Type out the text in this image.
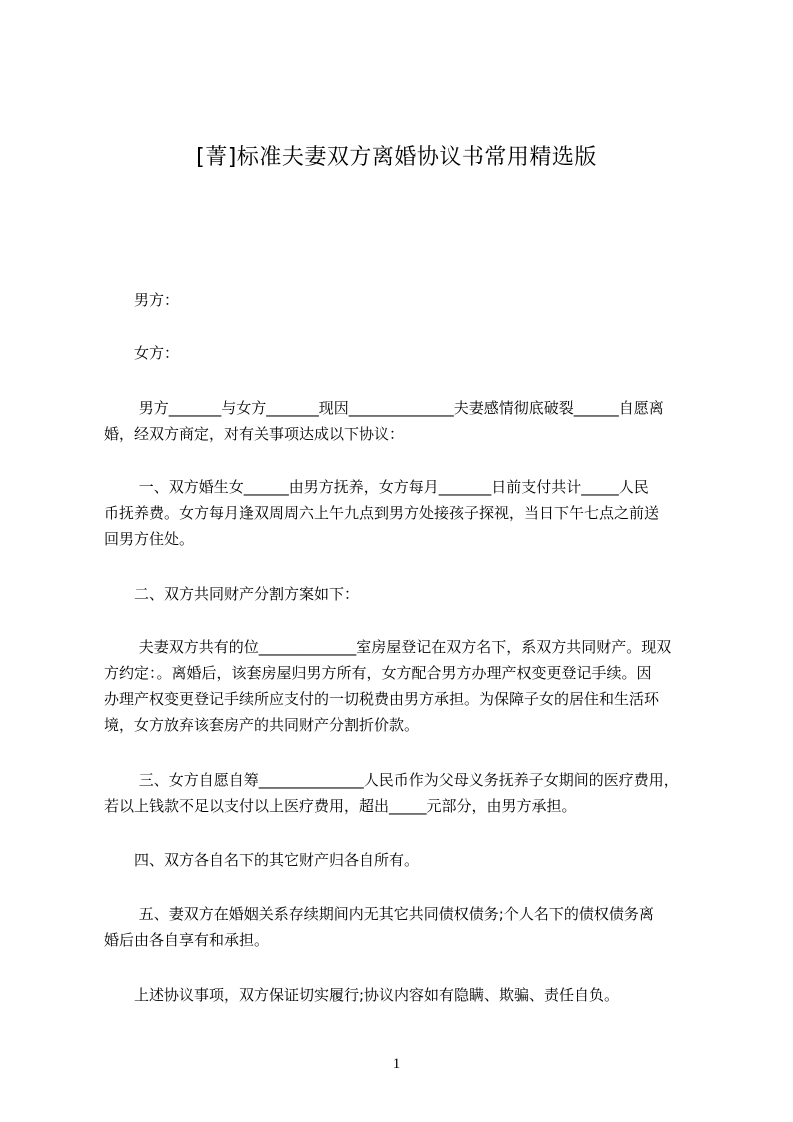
[菁]标准夫妻双方离婚协议书常用精选版
　　男方：
　　女方：
　　 男方_______与女方_______现因______________夫妻感情彻底破裂______自愿离
婚，经双方商定，对有关事项达成以下协议：
　　 一、双方婚生女______由男方抚养，女方每月_______日前支付共计_____人民
币抚养费。女方每月逢双周周六上午九点到男方处接孩子探视，当日下午七点之前送
回男方住处。
　　二、双方共同财产分割方案如下：
　　 夫妻双方共有的位_____________室房屋登记在双方名下，系双方共同财产。现双
方约定：。离婚后，该套房屋归男方所有，女方配合男方办理产权变更登记手续。因
办理产权变更登记手续所应支付的一切税费由男方承担。为保障子女的居住和生活环
境，女方放弃该套房产的共同财产分割折价款。
　　 三、女方自愿自筹______________人民币作为父母义务抚养子女期间的医疗费用，
若以上钱款不足以支付以上医疗费用，超出_____元部分，由男方承担。
　　四、双方各自名下的其它财产归各自所有。
　　 五、妻双方在婚姻关系存续期间内无其它共同债权债务;个人名下的债权债务离
婚后由各自享有和承担。
　　上述协议事项，双方保证切实履行;协议内容如有隐瞒、欺骗、责任自负。
1
